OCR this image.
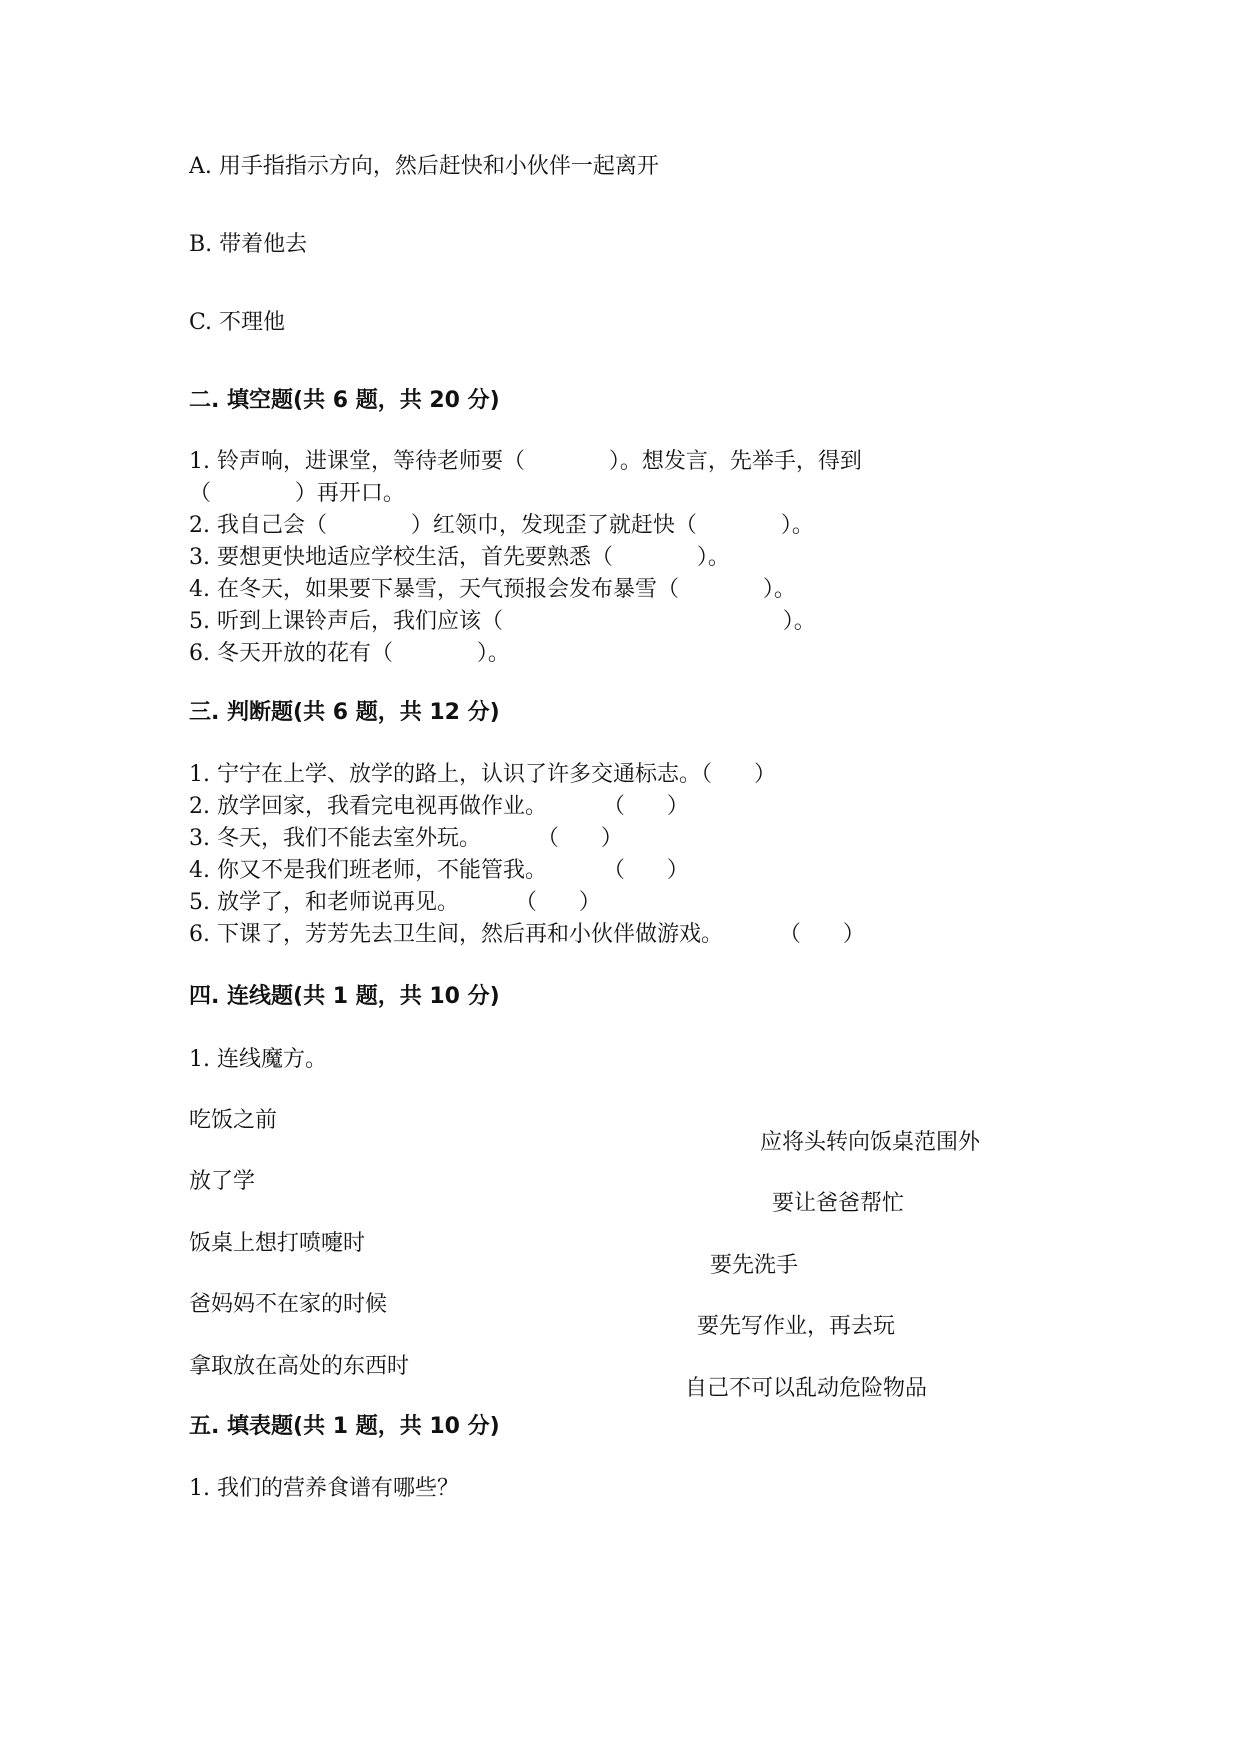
A. 用手指指示方向，然后赶快和小伙伴一起离开

B. 带着他去

C. 不理他

二. 填空题(共 6 题，共 20 分)

1. 铃声响，进课堂，等待老师要（            ）。想发言，先举手，得到

（            ）再开口。

2. 我自己会（            ）红领巾，发现歪了就赶快（            ）。

3. 要想更快地适应学校生活，首先要熟悉（            ）。

4. 在冬天，如果要下暴雪，天气预报会发布暴雪（            ）。

5. 听到上课铃声后，我们应该（                                        ）。

6. 冬天开放的花有（            ）。

三. 判断题(共 6 题，共 12 分)

1. 宁宁在上学、放学的路上，认识了许多交通标志。（      ）

2. 放学回家，我看完电视再做作业。        （      ）

3. 冬天，我们不能去室外玩。        （      ）

4. 你又不是我们班老师，不能管我。        （      ）

5. 放学了，和老师说再见。        （      ）

6. 下课了，芳芳先去卫生间，然后再和小伙伴做游戏。        （      ）

四. 连线题(共 1 题，共 10 分)

1. 连线魔方。

吃饭之前

放了学

饭桌上想打喷嚏时

爸妈妈不在家的时候

拿取放在高处的东西时

应将头转向饭桌范围外

要让爸爸帮忙

要先洗手

要先写作业，再去玩

自己不可以乱动危险物品

五. 填表题(共 1 题，共 10 分)

1. 我们的营养食谱有哪些？
